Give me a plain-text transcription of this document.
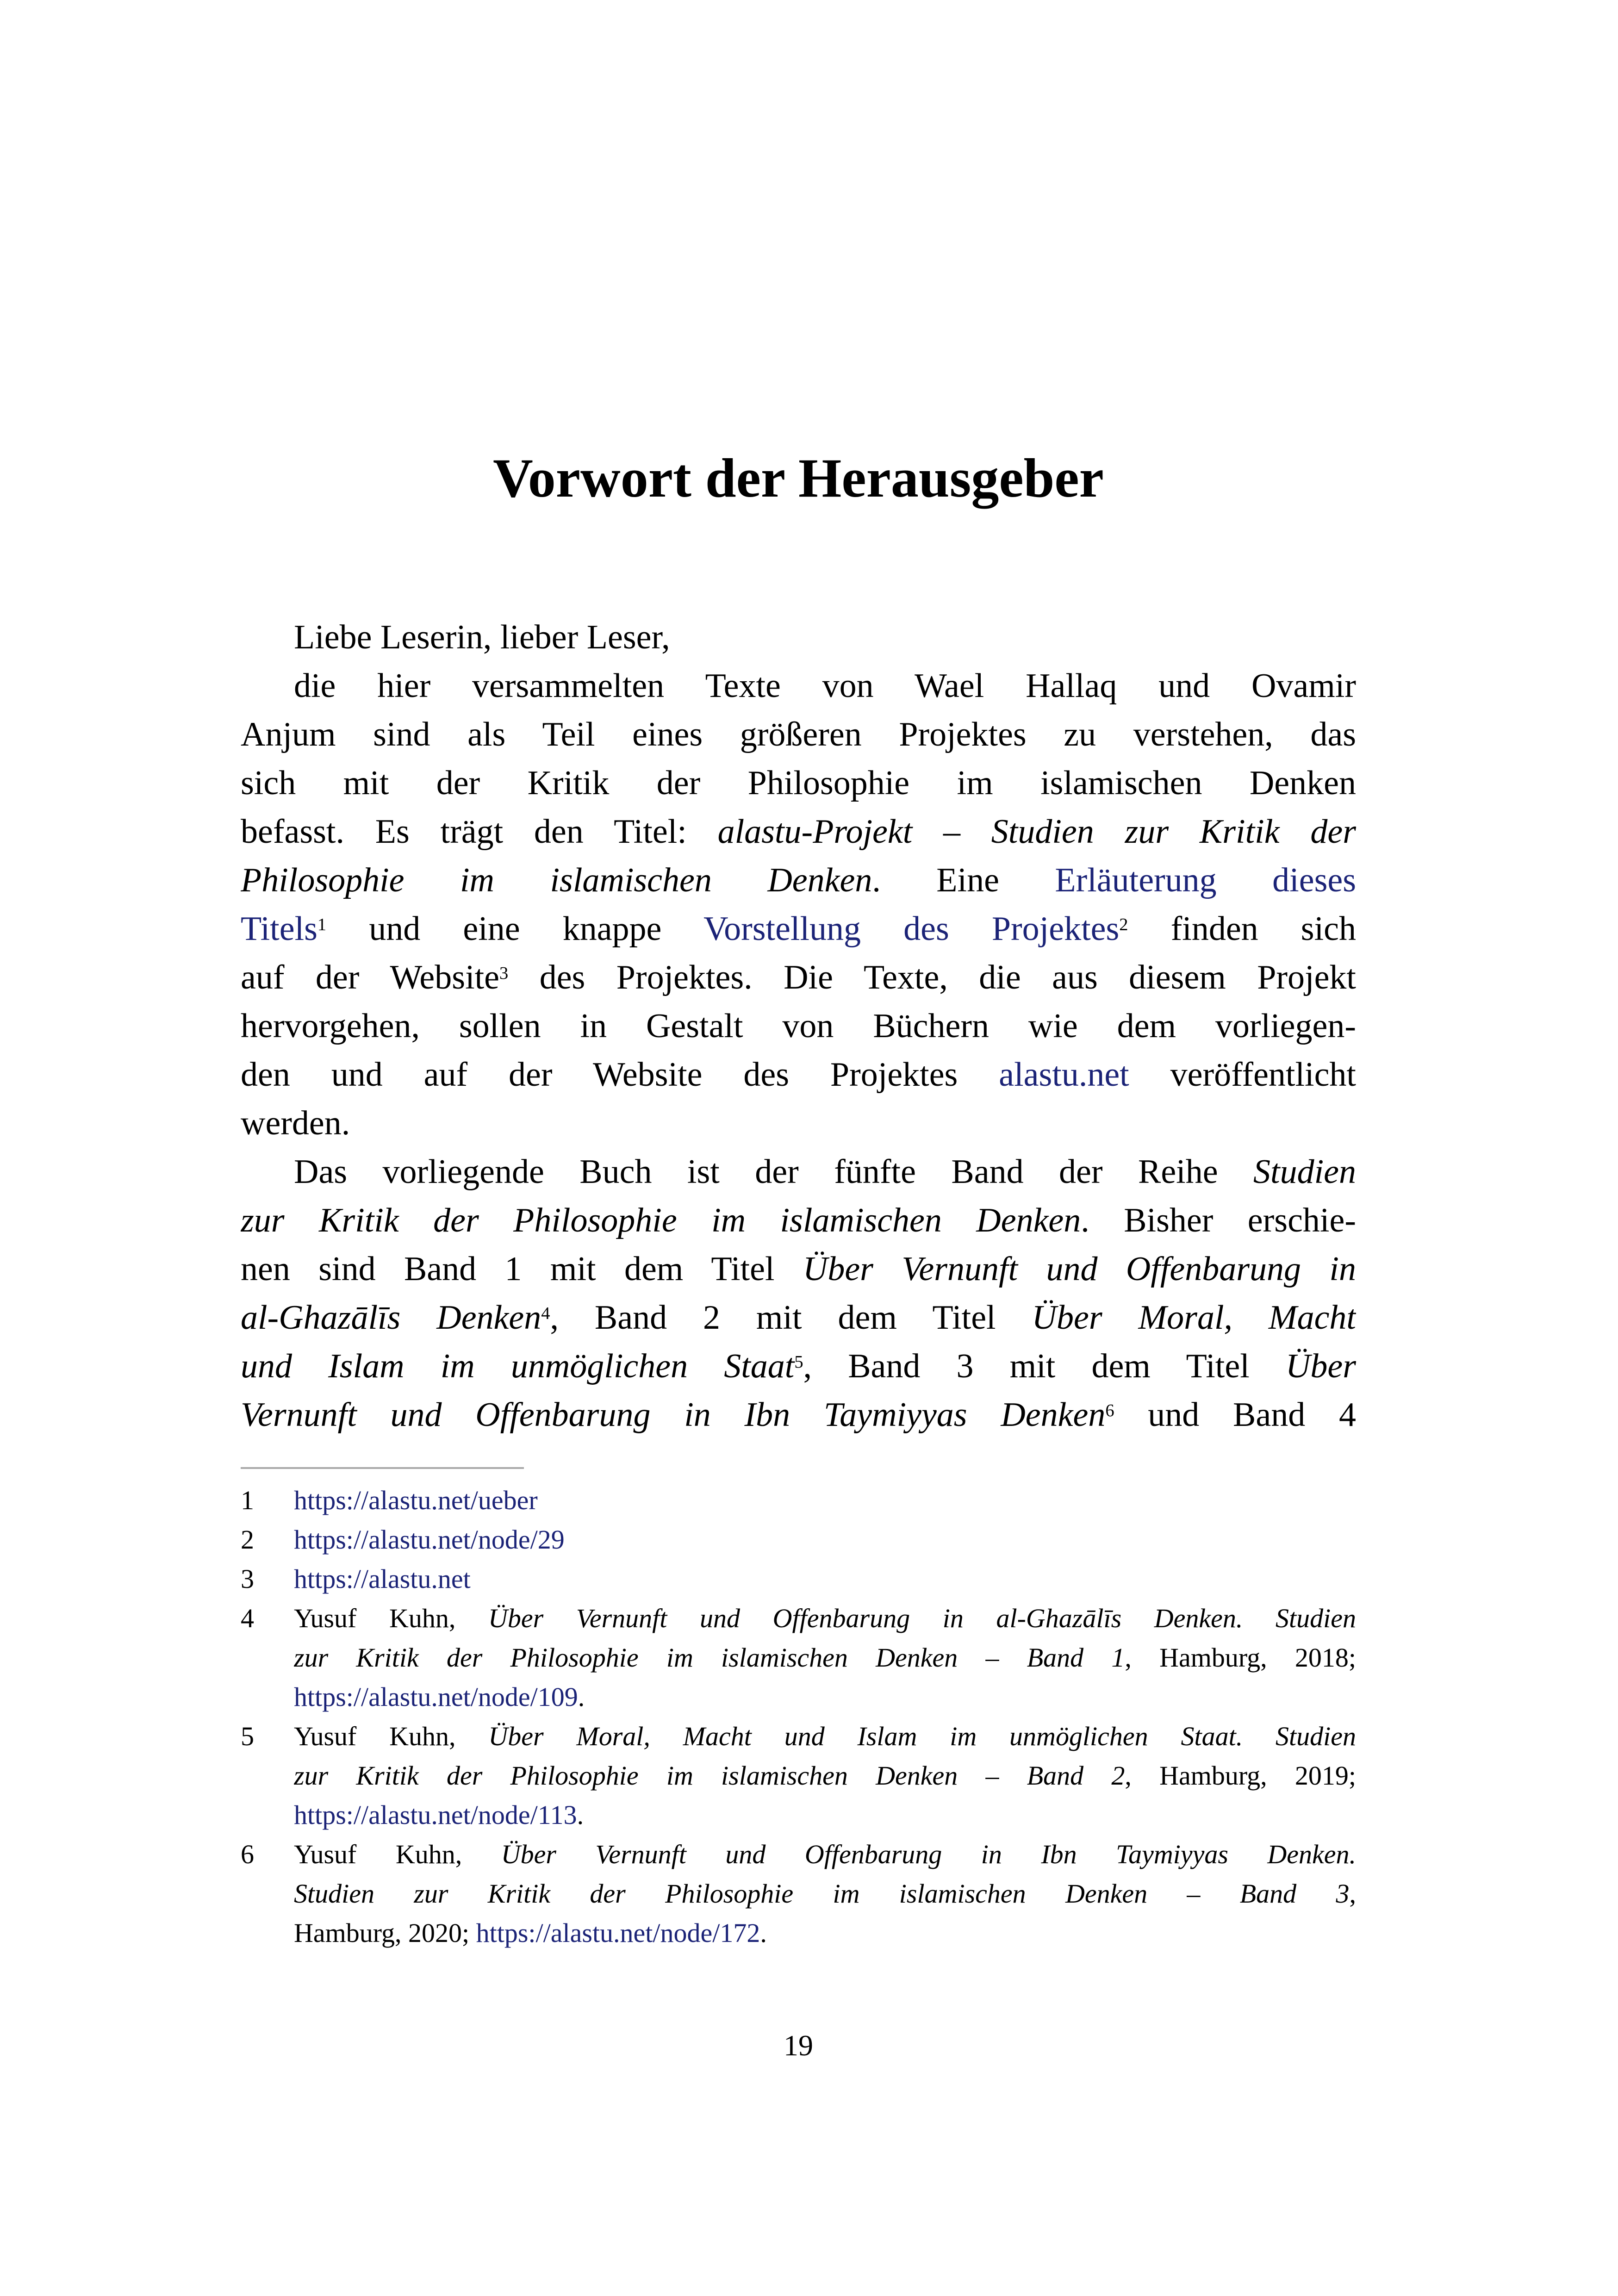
Vorwort der Herausgeber
Liebe Leserin, lieber Leser,
die hier versammelten Texte von Wael Hallaq und Ovamir
Anjum sind als Teil eines größeren Projektes zu verstehen, das
sich mit der Kritik der Philosophie im islamischen Denken
befasst. Es trägt den Titel: alastu-Projekt – Studien zur Kritik der
Philosophie im islamischen Denken. Eine Erläuterung dieses
Titels$^1$ und eine knappe Vorstellung des Projektes$^2$ finden sich
auf der Website$^3$ des Projektes. Die Texte, die aus diesem Projekt
hervorgehen, sollen in Gestalt von Büchern wie dem vorliegen-
den und auf der Website des Projektes alastu.net veröffentlicht
werden.
Das vorliegende Buch ist der fünfte Band der Reihe Studien
zur Kritik der Philosophie im islamischen Denken. Bisher erschie-
nen sind Band 1 mit dem Titel Über Vernunft und Offenbarung in
al-Ghazālīs Denken$^4$, Band 2 mit dem Titel Über Moral, Macht
und Islam im unmöglichen Staat$^5$, Band 3 mit dem Titel Über
Vernunft und Offenbarung in Ibn Taymiyyas Denken$^6$ und Band 4
1	https://alastu.net/ueber
2	https://alastu.net/node/29
3	https://alastu.net
4	Yusuf Kuhn, Über Vernunft und Offenbarung in al-Ghazālīs Denken. Studien
zur Kritik der Philosophie im islamischen Denken – Band 1, Hamburg, 2018;
https://alastu.net/node/109.
5	Yusuf Kuhn, Über Moral, Macht und Islam im unmöglichen Staat. Studien
zur Kritik der Philosophie im islamischen Denken – Band 2, Hamburg, 2019;
https://alastu.net/node/113.
6	Yusuf Kuhn, Über Vernunft und Offenbarung in Ibn Taymiyyas Denken.
Studien zur Kritik der Philosophie im islamischen Denken – Band 3,
Hamburg, 2020; https://alastu.net/node/172.
19
